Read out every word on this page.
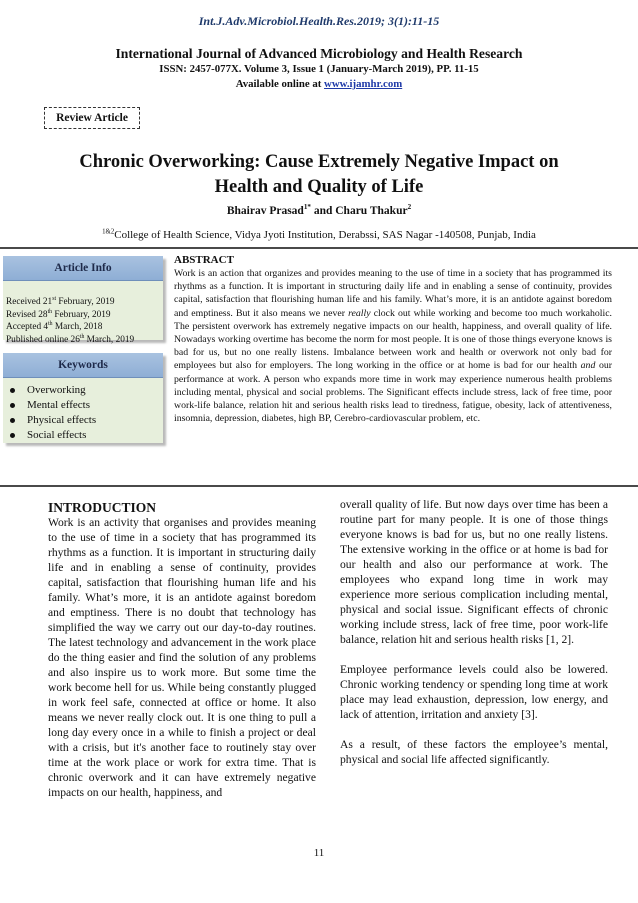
Int.J.Adv.Microbiol.Health.Res.2019; 3(1):11-15
International Journal of Advanced Microbiology and Health Research
ISSN: 2457-077X. Volume 3, Issue 1 (January-March 2019), PP. 11-15
Available online at www.ijamhr.com
Review Article
Chronic Overworking: Cause Extremely Negative Impact on
Health and Quality of Life
Bhairav Prasad$^{1*}$ and Charu Thakur$^2$
$^{1\&2}$College of Health Science, Vidya Jyoti Institution, Derabssi, SAS Nagar -140508, Punjab, India
Article Info
Received 21st February, 2019
Revised 28th February, 2019
Accepted 4th March, 2018
Published online 26th March, 2019
Keywords
Overworking
Mental effects
Physical effects
Social effects
ABSTRACT
Work is an action that organizes and provides meaning to the use of time in a society that has programmed its rhythms as a function. It is important in structuring daily life and in enabling a sense of continuity, provides capital, satisfaction that flourishing human life and his family. What’s more, it is an antidote against boredom and emptiness. But it also means we never really clock out while working and become too much workaholic. The persistent overwork has extremely negative impacts on our health, happiness, and overall quality of life. Nowadays working overtime has become the norm for most people. It is one of those things everyone knows is bad for us, but no one really listens. Imbalance between work and health or overwork not only bad for employees but also for employers. The long working in the office or at home is bad for our health and our performance at work. A person who expands more time in work may experience numerous health problems including mental, physical and social problems. The Significant effects include stress, lack of free time, poor work-life balance, relation hit and serious health risks lead to tiredness, fatigue, obesity, lack of attentiveness, insomnia, depression, diabetes, high BP, Cerebro-cardiovascular problem, etc.
INTRODUCTION

Work is an activity that organises and provides meaning to the use of time in a society that has programmed its rhythms as a function. It is important in structuring daily life and in enabling a sense of continuity, provides capital, satisfaction that flourishing human life and his family. What’s more, it is an antidote against boredom and emptiness. There is no doubt that technology has simplified the way we carry out our day-to-day routines. The latest technology and advancement in the work place do the thing easier and find the solution of any problems and also inspire us to work more. But some time the work become hell for us. While being constantly plugged in work feel safe, connected at office or home. It also means we never really clock out. It is one thing to pull a long day every once in a while to finish a project or deal with a crisis, but it's another face to routinely stay over time at the work place or work for extra time. That is chronic overwork and it can have extremely negative impacts on our health, happiness, and

overall quality of life. But now days over time has been a routine part for many people. It is one of those things everyone knows is bad for us, but no one really listens. The extensive working in the office or at home is bad for our health and also our performance at work. The employees who expand long time in work may experience more serious complication including mental, physical and social issue. Significant effects of chronic working include stress, lack of free time, poor work-life balance, relation hit and serious health risks [1, 2].

Employee performance levels could also be lowered. Chronic working tendency or spending long time at work place may lead exhaustion, depression, low energy, and lack of attention, irritation and anxiety [3].

As a result, of these factors the employee’s mental, physical and social life affected significantly.

11
